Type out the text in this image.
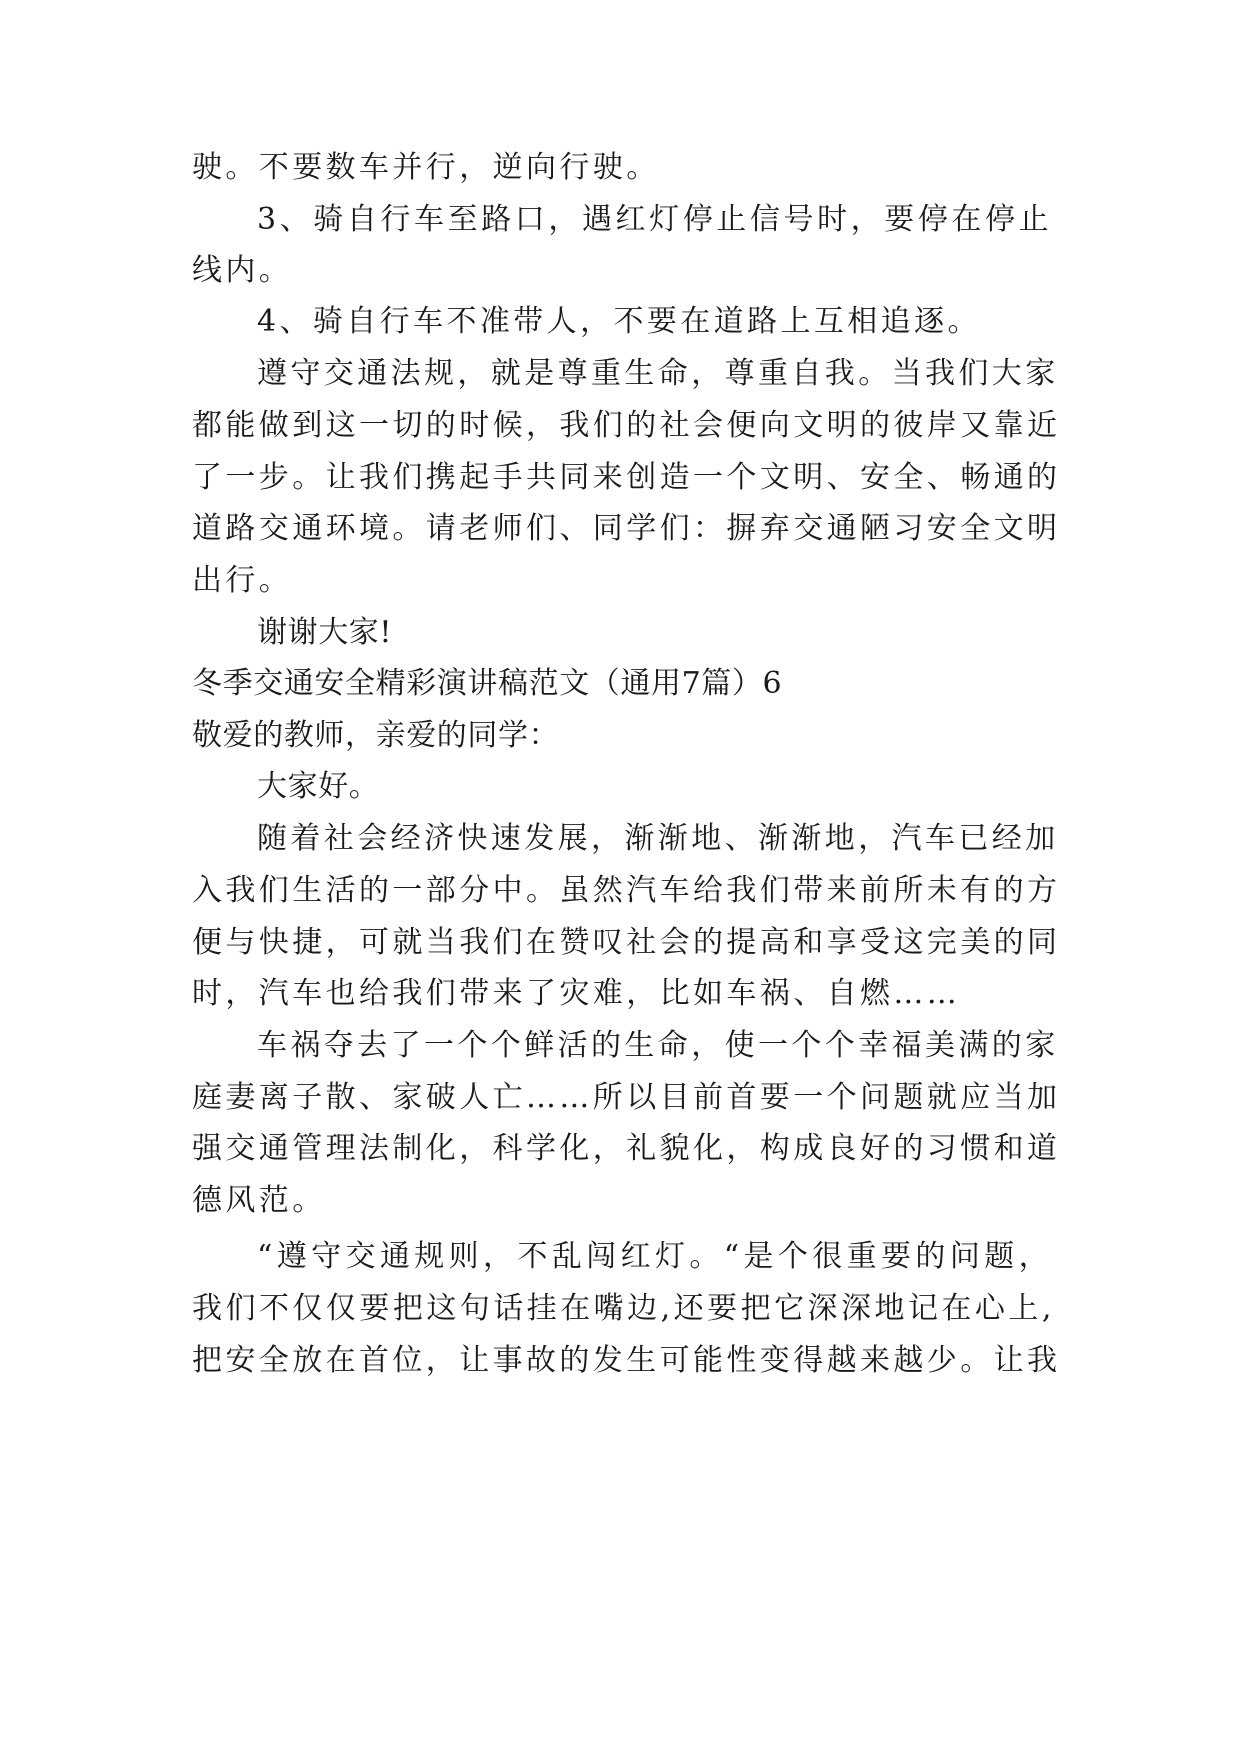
驶。不要数车并行，逆向行驶。
3、骑自行车至路口，遇红灯停止信号时，要停在停止
线内。
4、骑自行车不准带人，不要在道路上互相追逐。
遵守交通法规，就是尊重生命，尊重自我。当我们大家
都能做到这一切的时候，我们的社会便向文明的彼岸又靠近
了一步。让我们携起手共同来创造一个文明、安全、畅通的
道路交通环境。请老师们、同学们：摒弃交通陋习安全文明
出行。
谢谢大家!
冬季交通安全精彩演讲稿范文（通用7篇）6
敬爱的教师，亲爱的同学：
大家好。
随着社会经济快速发展，渐渐地、渐渐地，汽车已经加
入我们生活的一部分中。虽然汽车给我们带来前所未有的方
便与快捷，可就当我们在赞叹社会的提高和享受这完美的同
时，汽车也给我们带来了灾难，比如车祸、自燃……
车祸夺去了一个个鲜活的生命，使一个个幸福美满的家
庭妻离子散、家破人亡……所以目前首要一个问题就应当加
强交通管理法制化，科学化，礼貌化，构成良好的习惯和道
德风范。
“遵守交通规则，不乱闯红灯。“是个很重要的问题，
我们不仅仅要把这句话挂在嘴边,还要把它深深地记在心上,
把安全放在首位，让事故的发生可能性变得越来越少。让我
